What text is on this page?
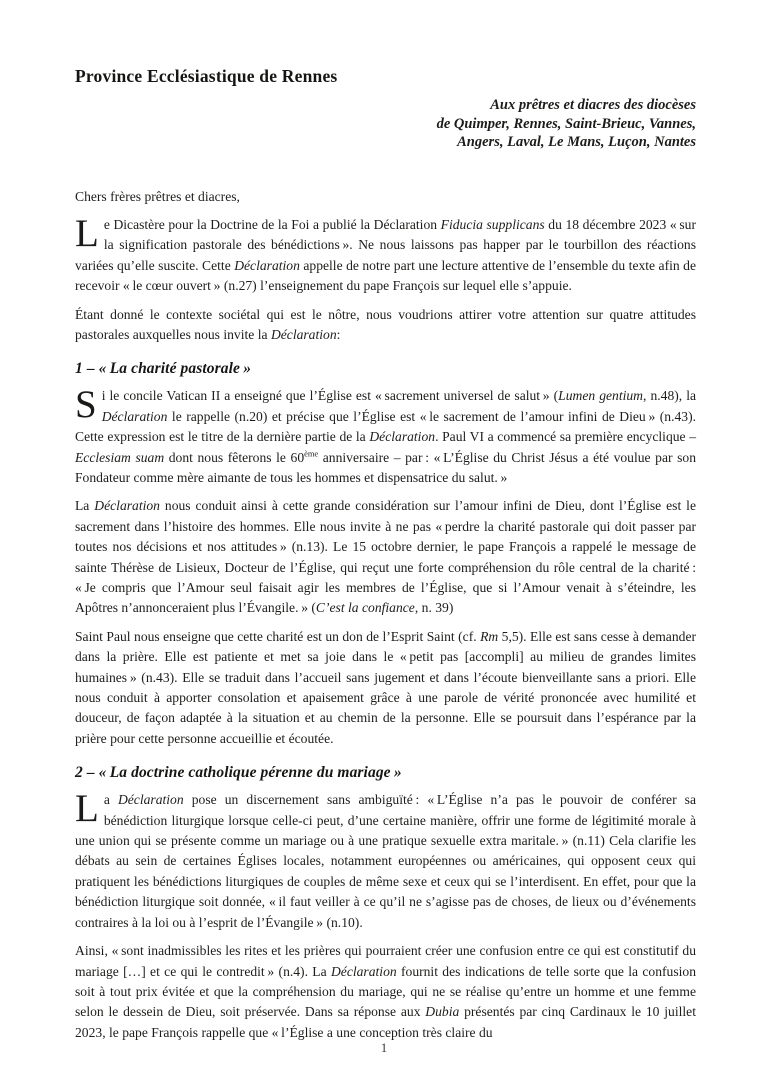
Province Ecclésiastique de Rennes
Aux prêtres et diacres des diocèses
de Quimper, Rennes, Saint-Brieuc, Vannes,
Angers, Laval, Le Mans, Luçon, Nantes

Chers frères prêtres et diacres,

Le Dicastère pour la Doctrine de la Foi a publié la Déclaration Fiducia supplicans du 18 décembre 2023 « sur la signification pastorale des bénédictions ». Ne nous laissons pas happer par le tourbillon des réactions variées qu’elle suscite. Cette Déclaration appelle de notre part une lecture attentive de l’ensemble du texte afin de recevoir « le cœur ouvert » (n.27) l’enseignement du pape François sur lequel elle s’appuie.

Étant donné le contexte sociétal qui est le nôtre, nous voudrions attirer votre attention sur quatre attitudes pastorales auxquelles nous invite la Déclaration:

1 – « La charité pastorale »

Si le concile Vatican II a enseigné que l’Église est « sacrement universel de salut » (Lumen gentium, n.48), la Déclaration le rappelle (n.20) et précise que l’Église est « le sacrement de l’amour infini de Dieu » (n.43). Cette expression est le titre de la dernière partie de la Déclaration. Paul VI a commencé sa première encyclique – Ecclesiam suam dont nous fêterons le 60ème anniversaire – par : « L’Église du Christ Jésus a été voulue par son Fondateur comme mère aimante de tous les hommes et dispensatrice du salut. »

La Déclaration nous conduit ainsi à cette grande considération sur l’amour infini de Dieu, dont l’Église est le sacrement dans l’histoire des hommes. Elle nous invite à ne pas « perdre la charité pastorale qui doit passer par toutes nos décisions et nos attitudes » (n.13). Le 15 octobre dernier, le pape François a rappelé le message de sainte Thérèse de Lisieux, Docteur de l’Église, qui reçut une forte compréhension du rôle central de la charité : « Je compris que l’Amour seul faisait agir les membres de l’Église, que si l’Amour venait à s’éteindre, les Apôtres n’annonceraient plus l’Évangile. » (C’est la confiance, n. 39)

Saint Paul nous enseigne que cette charité est un don de l’Esprit Saint (cf. Rm 5,5). Elle est sans cesse à demander dans la prière. Elle est patiente et met sa joie dans le « petit pas [accompli] au milieu de grandes limites humaines » (n.43). Elle se traduit dans l’accueil sans jugement et dans l’écoute bienveillante sans a priori. Elle nous conduit à apporter consolation et apaisement grâce à une parole de vérité prononcée avec humilité et douceur, de façon adaptée à la situation et au chemin de la personne. Elle se poursuit dans l’espérance par la prière pour cette personne accueillie et écoutée.

2 – « La doctrine catholique pérenne du mariage »

La Déclaration pose un discernement sans ambiguïté : « L’Église n’a pas le pouvoir de conférer sa bénédiction liturgique lorsque celle-ci peut, d’une certaine manière, offrir une forme de légitimité morale à une union qui se présente comme un mariage ou à une pratique sexuelle extra maritale. » (n.11) Cela clarifie les débats au sein de certaines Églises locales, notamment européennes ou américaines, qui opposent ceux qui pratiquent les bénédictions liturgiques de couples de même sexe et ceux qui se l’interdisent. En effet, pour que la bénédiction liturgique soit donnée, « il faut veiller à ce qu’il ne s’agisse pas de choses, de lieux ou d’événements contraires à la loi ou à l’esprit de l’Évangile » (n.10).

Ainsi, « sont inadmissibles les rites et les prières qui pourraient créer une confusion entre ce qui est constitutif du mariage […] et ce qui le contredit » (n.4). La Déclaration fournit des indications de telle sorte que la confusion soit à tout prix évitée et que la compréhension du mariage, qui ne se réalise qu’entre un homme et une femme selon le dessein de Dieu, soit préservée. Dans sa réponse aux Dubia présentés par cinq Cardinaux le 10 juillet 2023, le pape François rappelle que « l’Église a une conception très claire du

1
